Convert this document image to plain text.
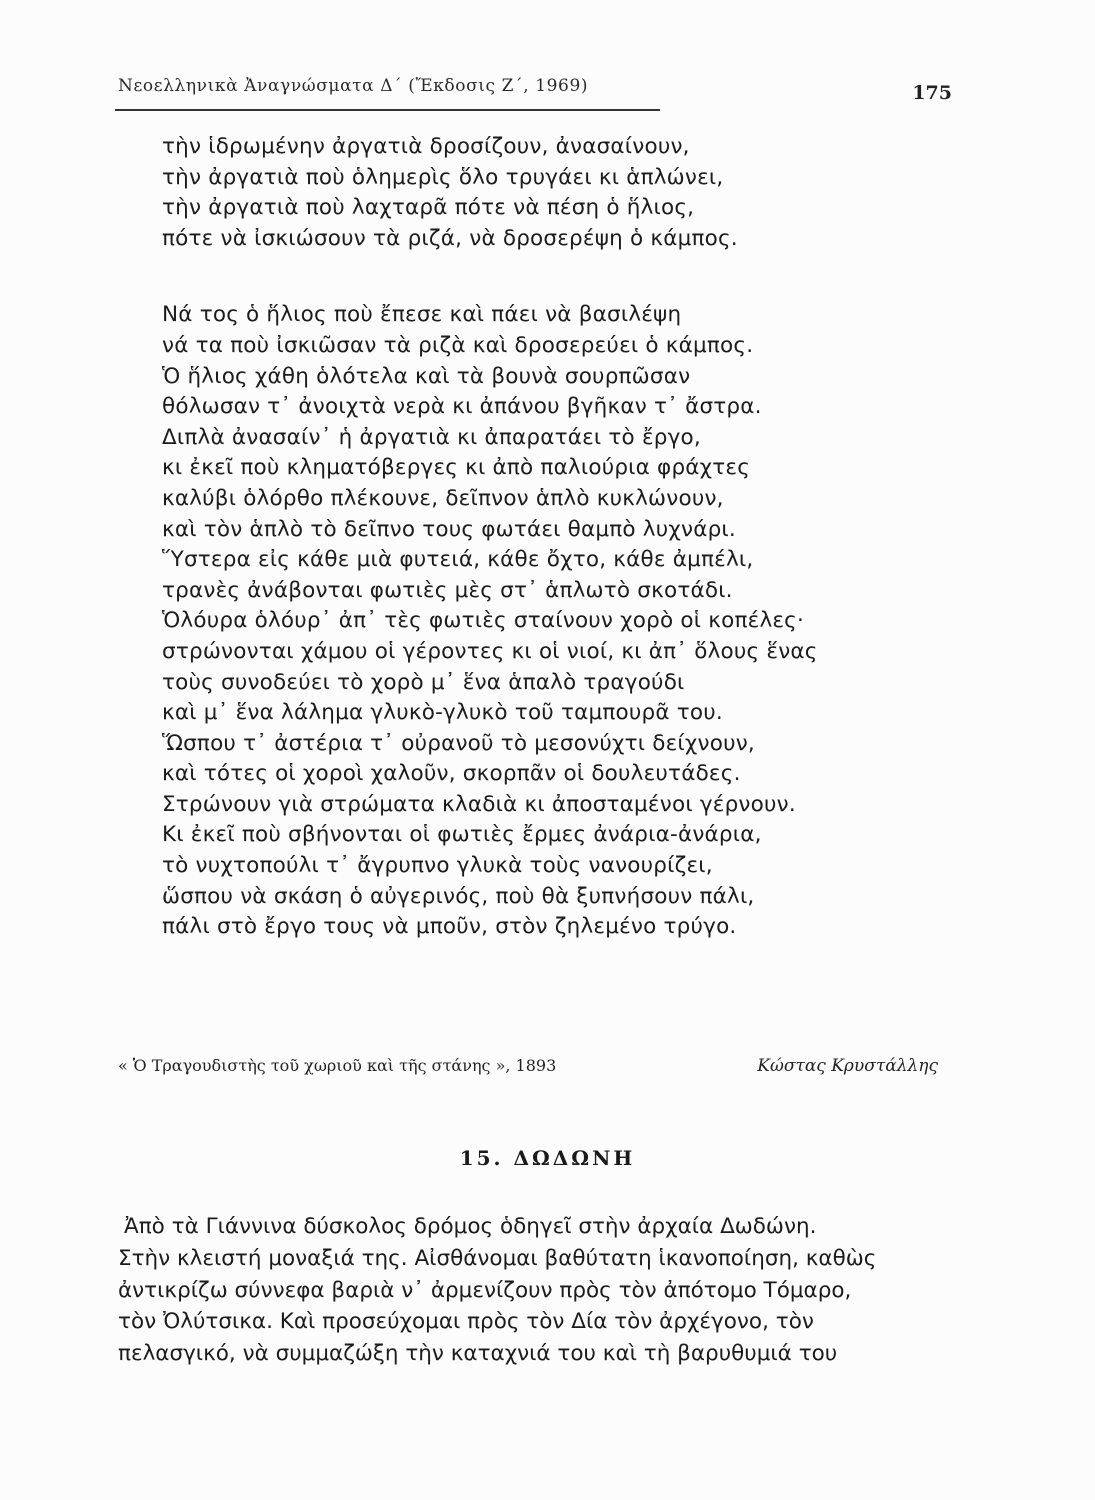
Νεοελληνικὰ Ἀναγνώσματα Δ΄ (Ἔκδοσις Ζ΄, 1969)	175
τὴν ἱδρωμένην ἀργατιὰ δροσίζουν, ἀνασαίνουν,
τὴν ἀργατιὰ ποὺ ὁλημερὶς ὅλο τρυγάει κι ἁπλώνει,
τὴν ἀργατιὰ ποὺ λαχταρᾶ πότε νὰ πέση ὁ ἥλιος,
πότε νὰ ἰσκιώσουν τὰ ριζά, νὰ δροσερέψη ὁ κάμπος.
Νά τος ὁ ἥλιος ποὺ ἔπεσε καὶ πάει νὰ βασιλέψη
νά τα ποὺ ἰσκιῶσαν τὰ ριζὰ καὶ δροσερεύει ὁ κάμπος.
Ὁ ἥλιος χάθη ὁλότελα καὶ τὰ βουνὰ σουρπῶσαν
θόλωσαν τ᾽ ἀνοιχτὰ νερὰ κι ἀπάνου βγῆκαν τ᾽ ἄστρα.
Διπλὰ ἀνασαίν᾽ ἡ ἀργατιὰ κι ἀπαρατάει τὸ ἔργο,
κι ἐκεῖ ποὺ κληματόβεργες κι ἀπὸ παλιούρια φράχτες
καλύβι ὁλόρθο πλέκουνε, δεῖπνον ἁπλὸ κυκλώνουν,
καὶ τὸν ἁπλὸ τὸ δεῖπνο τους φωτάει θαμπὸ λυχνάρι.
Ὕστερα εἰς κάθε μιὰ φυτειά, κάθε ὄχτο, κάθε ἀμπέλι,
τρανὲς ἀνάβονται φωτιὲς μὲς στ᾽ ἁπλωτὸ σκοτάδι.
Ὁλόυρα ὁλόυρ᾽ ἀπ᾽ τὲς φωτιὲς σταίνουν χορὸ οἱ κοπέλες·
στρώνονται χάμου οἱ γέροντες κι οἱ νιοί, κι ἀπ᾽ ὅλους ἕνας
τοὺς συνοδεύει τὸ χορὸ μ᾽ ἕνα ἁπαλὸ τραγούδι
καὶ μ᾽ ἕνα λάλημα γλυκὸ-γλυκὸ τοῦ ταμπουρᾶ του.
Ὥσπου τ᾽ ἀστέρια τ᾽ οὐρανοῦ τὸ μεσονύχτι δείχνουν,
καὶ τότες οἱ χοροὶ χαλοῦν, σκορπᾶν οἱ δουλευτάδες.
Στρώνουν γιὰ στρώματα κλαδιὰ κι ἀποσταμένοι γέρνουν.
Κι ἐκεῖ ποὺ σβήνονται οἱ φωτιὲς ἔρμες ἀνάρια-ἀνάρια,
τὸ νυχτοπούλι τ᾽ ἄγρυπνο γλυκὰ τοὺς νανουρίζει,
ὥσπου νὰ σκάση ὁ αὐγερινός, ποὺ θὰ ξυπνήσουν πάλι,
πάλι στὸ ἔργο τους νὰ μποῦν, στὸν ζηλεμένο τρύγο.
« Ὁ Τραγουδιστὴς τοῦ χωριοῦ καὶ τῆς στάνης », 1893	Κώστας Κρυστάλλης
15. ΔΩΔΩΝΗ
Ἀπὸ τὰ Γιάννινα δύσκολος δρόμος ὁδηγεῖ στὴν ἀρχαία Δωδώνη.
Στὴν κλειστή μοναξιά της. Αἰσθάνομαι βαθύτατη ἱκανοποίηση, καθὼς
ἀντικρίζω σύννεφα βαριὰ ν᾽ ἀρμενίζουν πρὸς τὸν ἀπότομο Τόμαρο,
τὸν Ὀλύτσικα. Καὶ προσεύχομαι πρὸς τὸν Δία τὸν ἀρχέγονο, τὸν
πελασγικό, νὰ συμμαζώξη τὴν καταχνιά του καὶ τὴ βαρυθυμιά του
